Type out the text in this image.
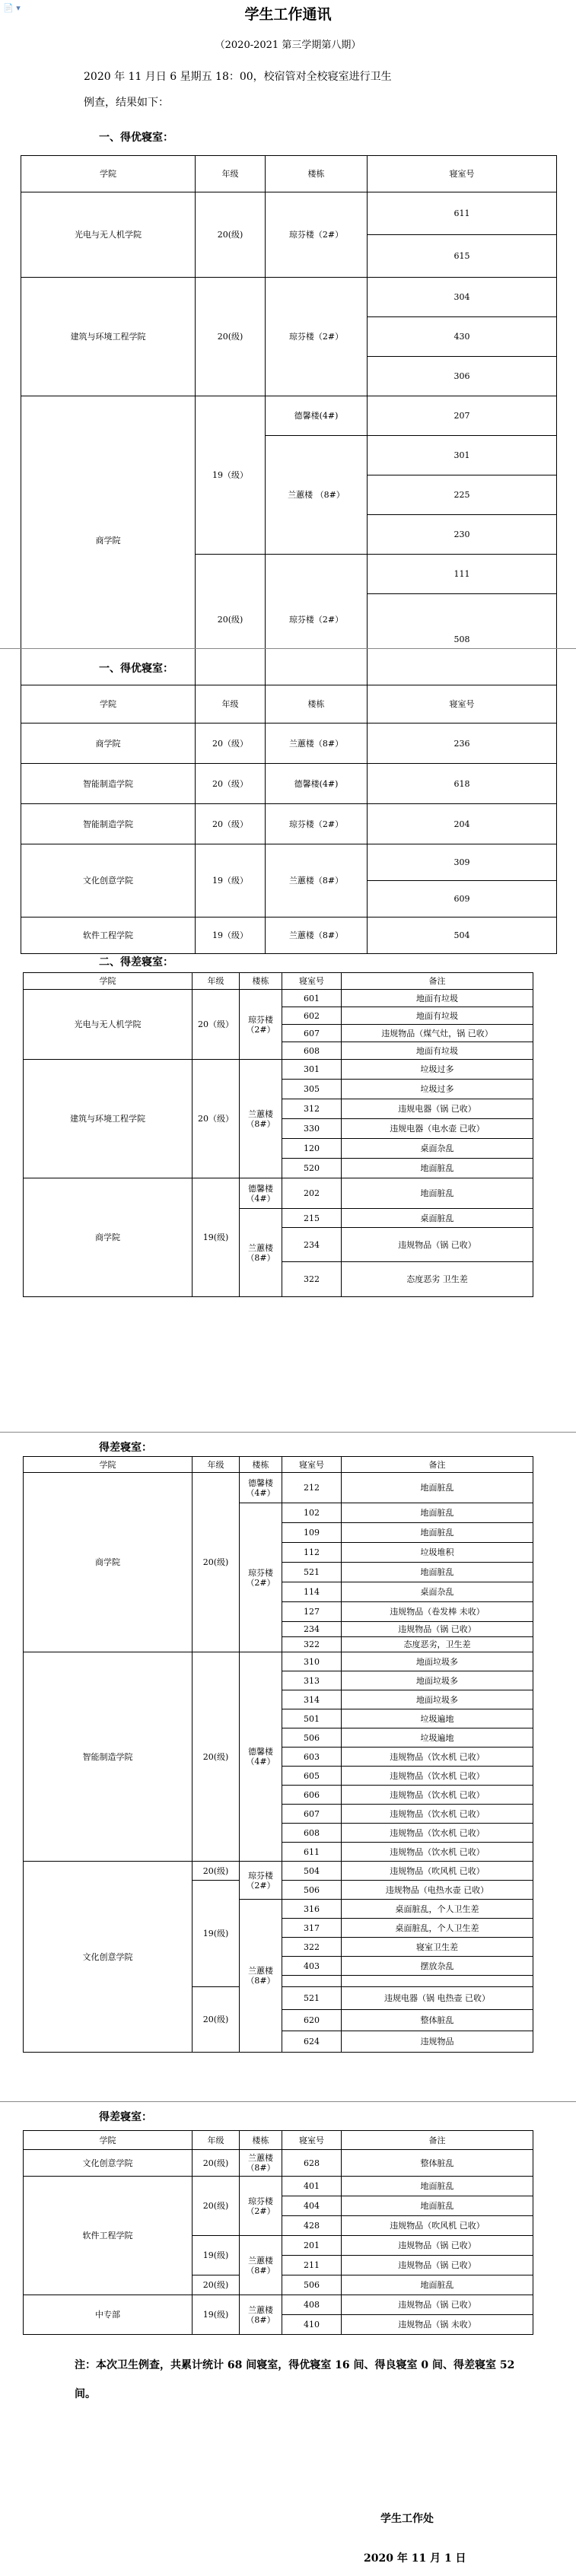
📄 ▾	学生工作通讯
（2020-2021 第三学期第八期）
2020 年 11 月日 6 星期五 18：00，校宿管对全校寝室进行卫生
例查，结果如下：
一、得优寝室：
学院	年级	楼栋	寝室号
光电与无人机学院	20(级)	琼芬楼（2#）	611
			615
建筑与环境工程学院	20(级)	琼芬楼（2#）	304
			430
			306
商学院	19（级）	德馨楼(4#)	207
		兰蕙楼 （8#）	301
			225
			230
	20(级)	琼芬楼（2#）	111
			508
一、得优寝室：
学院	年级	楼栋	寝室号
商学院	20（级）	兰蕙楼（8#）	236
智能制造学院	20（级）	德馨楼(4#)	618
智能制造学院	20（级）	琼芬楼（2#）	204
文化创意学院	19（级）	兰蕙楼（8#）	309
			609
软件工程学院	19（级）	兰蕙楼（8#）	504
二、得差寝室：
学院	年级	楼栋	寝室号	备注
光电与无人机学院	20（级）	琼芬楼（2#）	601	地面有垃圾
			602	地面有垃圾
			607	违规物品（煤气灶，锅 已收）
			608	地面有垃圾
建筑与环境工程学院	20（级）	兰蕙楼（8#）	301	垃圾过多
			305	垃圾过多
			312	违规电器（锅 已收）
			330	违规电器（电水壶 已收）
			120	桌面杂乱
			520	地面脏乱
商学院	19(级)	德馨楼（4#）	202	地面脏乱
		兰蕙楼（8#）	215	桌面脏乱
			234	违规物品（锅 已收）
			322	态度恶劣 卫生差
得差寝室：
学院	年级	楼栋	寝室号	备注
商学院	20(级)	德馨楼（4#）	212	地面脏乱
		琼芬楼（2#）	102	地面脏乱
			109	地面脏乱
			112	垃圾堆积
			521	地面脏乱
			114	桌面杂乱
			127	违规物品（卷发棒 未收）
			234	违规物品（锅 已收）
			322	态度恶劣，卫生差
智能制造学院	20(级)	德馨楼（4#）	310	地面垃圾多
			313	地面垃圾多
			314	地面垃圾多
			501	垃圾遍地
			506	垃圾遍地
			603	违规物品（饮水机 已收）
			605	违规物品（饮水机 已收）
			606	违规物品（饮水机 已收）
			607	违规物品（饮水机 已收）
			608	违规物品（饮水机 已收）
			611	违规物品（饮水机 已收）
文化创意学院	20(级)	琼芬楼（2#）	504	违规物品（吹风机 已收）
	19(级)		506	违规物品（电热水壶 已收）
		兰蕙楼（8#）	316	桌面脏乱，个人卫生差
			317	桌面脏乱，个人卫生差
			322	寝室卫生差
			403	摆放杂乱

	20(级)		521	违规电器（锅 电热壶 已收）
			620	整体脏乱
			624	违规物品
得差寝室：
学院	年级	楼栋	寝室号	备注
文化创意学院	20(级)	兰蕙楼（8#）	628	整体脏乱
软件工程学院	20(级)	琼芬楼（2#）	401	地面脏乱
			404	地面脏乱
			428	违规物品（吹风机 已收）
	19(级)	兰蕙楼（8#）	201	违规物品（锅 已收）
			211	违规物品（锅 已收）
	20(级)		506	地面脏乱
中专部	19(级)	兰蕙楼（8#）	408	违规物品（锅 已收）
			410	违规物品（锅 未收）
注：本次卫生例查，共累计统计 68 间寝室，得优寝室 16 间、得良寝室 0 间、得差寝室 52 间。
学生工作处
2020 年 11 月 1 日
